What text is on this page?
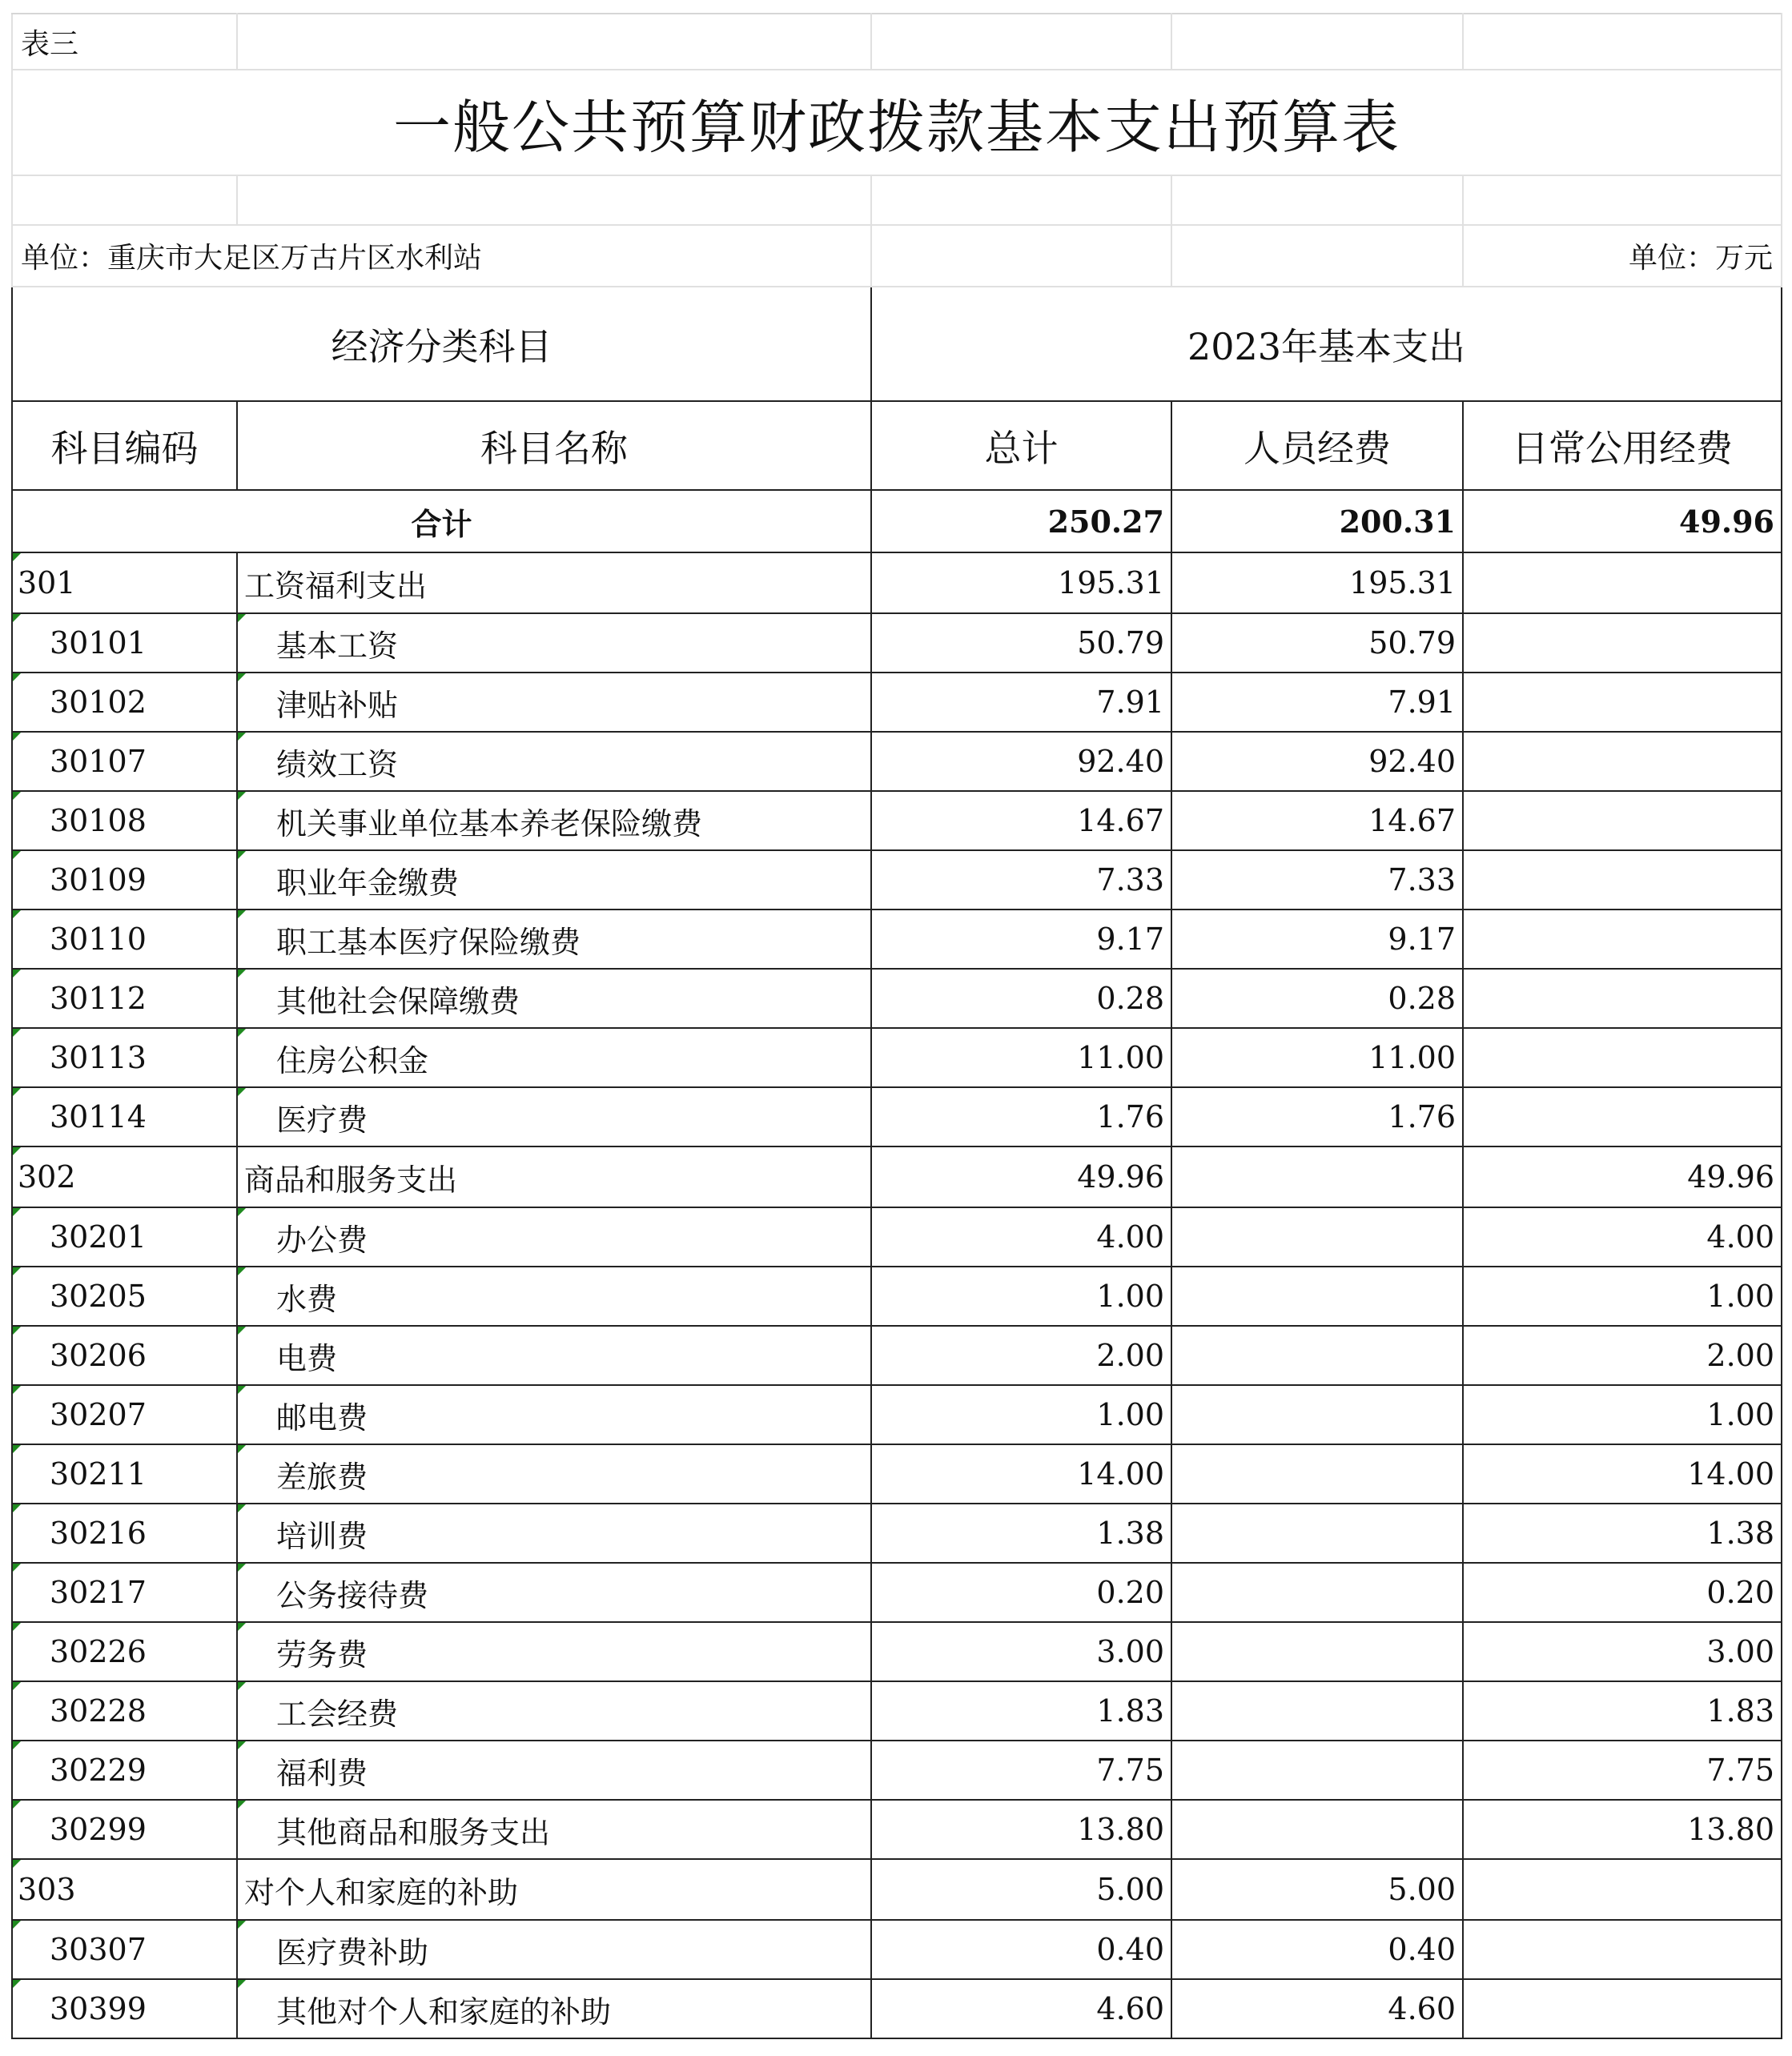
表三				
一般公共预算财政拨款基本支出预算表				

单位：重庆市大足区万古片区水利站				单位：万元
经济分类科目		2023年基本支出		
科目编码	科目名称	总计	人员经费	日常公用经费
合计		250.27	200.31	49.96
301	工资福利支出	195.31	195.31	
30101	基本工资	50.79	50.79	
30102	津贴补贴	7.91	7.91	
30107	绩效工资	92.40	92.40	
30108	机关事业单位基本养老保险缴费	14.67	14.67	
30109	职业年金缴费	7.33	7.33	
30110	职工基本医疗保险缴费	9.17	9.17	
30112	其他社会保障缴费	0.28	0.28	
30113	住房公积金	11.00	11.00	
30114	医疗费	1.76	1.76	
302	商品和服务支出	49.96		49.96
30201	办公费	4.00		4.00
30205	水费	1.00		1.00
30206	电费	2.00		2.00
30207	邮电费	1.00		1.00
30211	差旅费	14.00		14.00
30216	培训费	1.38		1.38
30217	公务接待费	0.20		0.20
30226	劳务费	3.00		3.00
30228	工会经费	1.83		1.83
30229	福利费	7.75		7.75
30299	其他商品和服务支出	13.80		13.80
303	对个人和家庭的补助	5.00	5.00	
30307	医疗费补助	0.40	0.40	
30399	其他对个人和家庭的补助	4.60	4.60	
